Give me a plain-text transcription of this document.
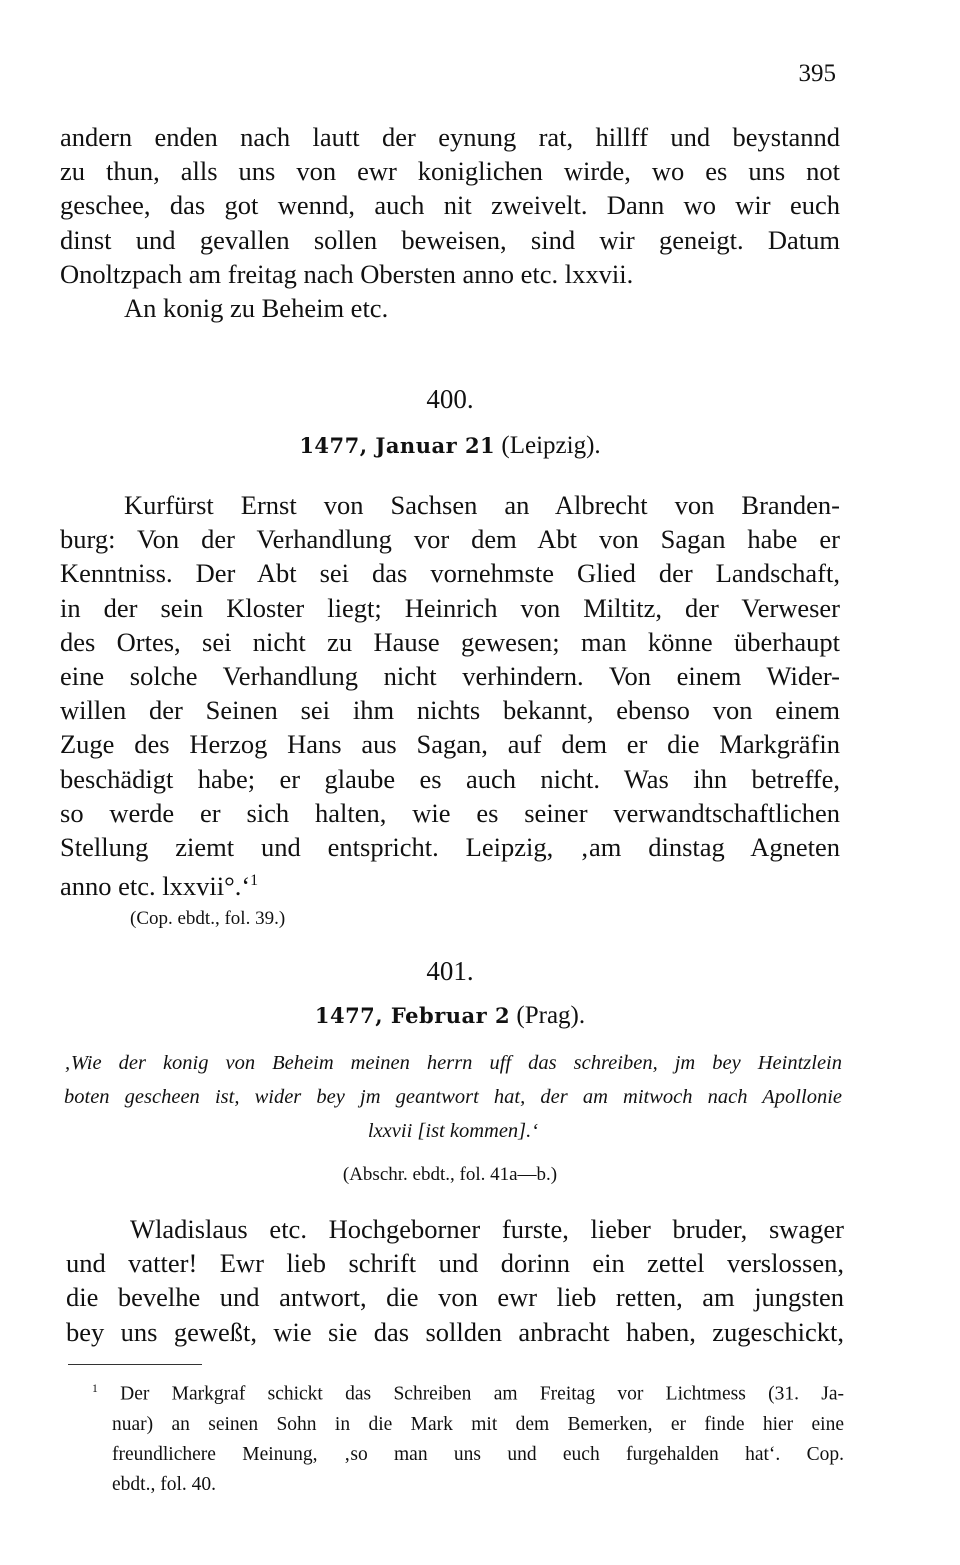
395
andern enden nach lautt der eynung rat, hillff und beystannd
zu thun, alls uns von ewr koniglichen wirde, wo es uns not
geschee, das got wennd, auch nit zweivelt. Dann wo wir euch
dinst und gevallen sollen beweisen, sind wir geneigt. Datum
Onoltzpach am freitag nach Obersten anno etc. lxxvii.
An konig zu Beheim etc.
400.
1477, Januar 21 (Leipzig).
Kurfürst Ernst von Sachsen an Albrecht von Branden-
burg: Von der Verhandlung vor dem Abt von Sagan habe er
Kenntniss. Der Abt sei das vornehmste Glied der Landschaft,
in der sein Kloster liegt; Heinrich von Miltitz, der Verweser
des Ortes, sei nicht zu Hause gewesen; man könne überhaupt
eine solche Verhandlung nicht verhindern. Von einem Wider-
willen der Seinen sei ihm nichts bekannt, ebenso von einem
Zuge des Herzog Hans aus Sagan, auf dem er die Markgräfin
beschädigt habe; er glaube es auch nicht. Was ihn betreffe,
so werde er sich halten, wie es seiner verwandtschaftlichen
Stellung ziemt und entspricht. Leipzig, ‚am dinstag Agneten
anno etc. lxxvii°.‘$^1$
(Cop. ebdt., fol. 39.)
401.
1477, Februar 2 (Prag).
‚Wie der konig von Beheim meinen herrn uff das schreiben, jm bey Heintzlein
boten gescheen ist, wider bey jm geantwort hat, der am mitwoch nach Apollonie
lxxvii [ist kommen].‘
(Abschr. ebdt., fol. 41a—b.)
Wladislaus etc. Hochgeborner furste, lieber bruder, swager
und vatter! Ewr lieb schrift und dorinn ein zettel verslossen,
die bevelhe und antwort, die von ewr lieb retten, am jungsten
bey uns geweßt, wie sie das sollden anbracht haben, zugeschickt,
$^1$ Der Markgraf schickt das Schreiben am Freitag vor Lichtmess (31. Ja-
nuar) an seinen Sohn in die Mark mit dem Bemerken, er finde hier eine
freundlichere Meinung, ‚so man uns und euch furgehalden hat‘. Cop.
ebdt., fol. 40.
